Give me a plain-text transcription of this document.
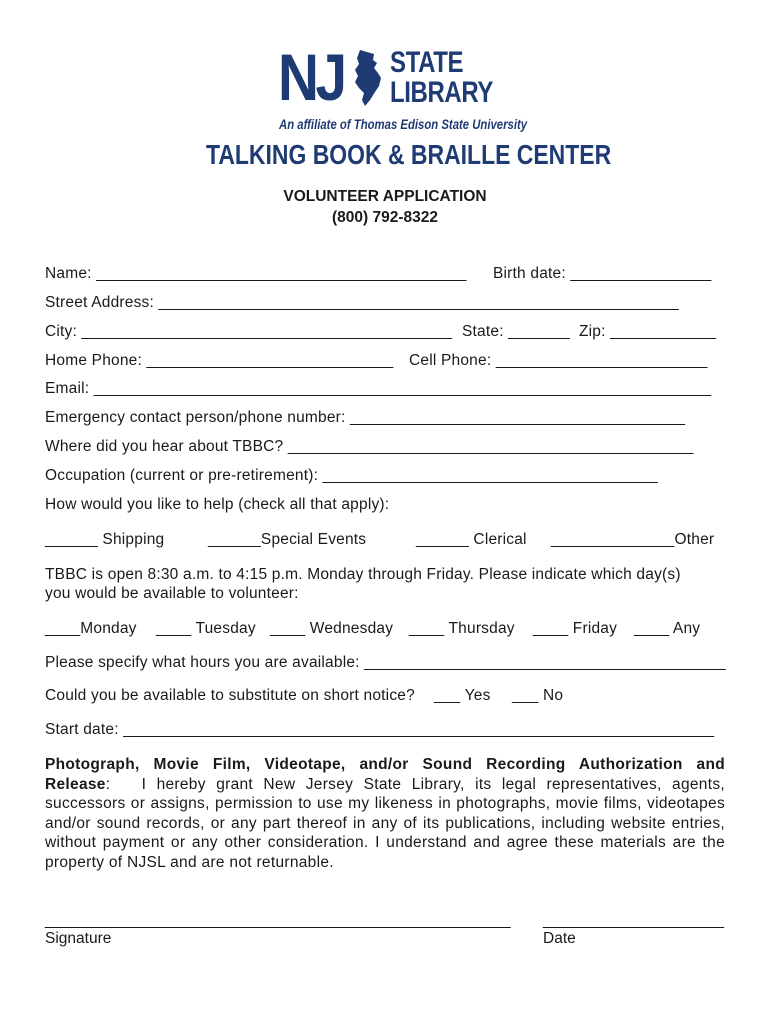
NJ STATE
LIBRARY
An affiliate of Thomas Edison State University
TALKING BOOK & BRAILLE CENTER
VOLUNTEER APPLICATION
(800) 792-8322
Name: __________________________________________ Birth date: ________________
Street Address: ___________________________________________________________
City: __________________________________________ State: _______ Zip: ____________
Home Phone: ____________________________ Cell Phone: ________________________
Email: ______________________________________________________________________
Emergency contact person/phone number: ______________________________________
Where did you hear about TBBC? ______________________________________________
Occupation (current or pre-retirement): ______________________________________
How would you like to help (check all that apply):
______ Shipping	______Special Events	______ Clerical ______________Other
TBBC is open 8:30 a.m. to 4:15 p.m. Monday through Friday. Please indicate which day(s)
you would be available to volunteer:
____Monday ____ Tuesday ____ Wednesday ____ Thursday ____ Friday ____ Any
Please specify what hours you are available: _________________________________________
Could you be available to substitute on short notice? ___ Yes ___ No
Start date: ___________________________________________________________________
Photograph, Movie Film, Videotape, and/or Sound Recording Authorization and Release: I hereby grant New Jersey State Library, its legal representatives, agents, successors or assigns, permission to use my likeness in photographs, movie films, videotapes and/or sound records, or any part thereof in any of its publications, including website entries, without payment or any other consideration. I understand and agree these materials are the property of NJSL and are not returnable.
______________________________________________________
Signature
_____________________
Date
